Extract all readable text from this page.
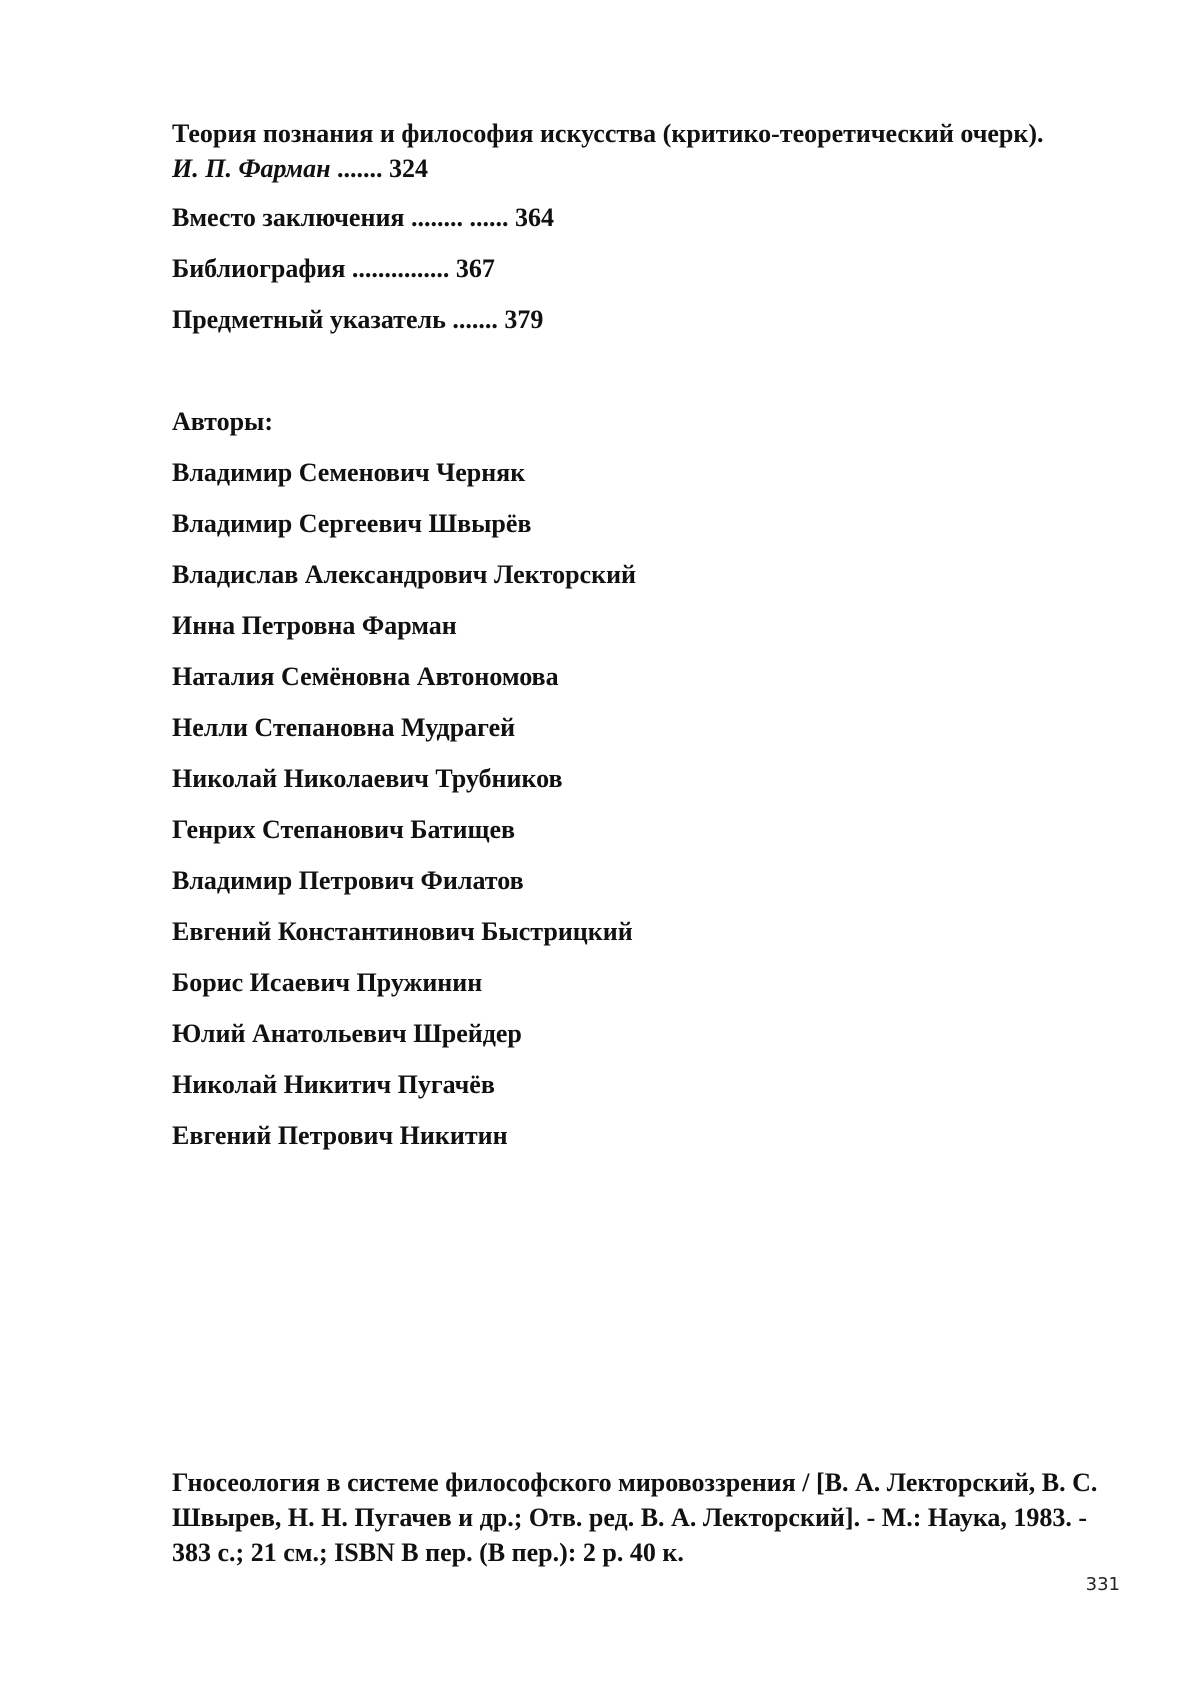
Теория познания и философия искусства (критико-теоретический очерк). И. П. Фарман ....... 324
Вместо заключения ........ ...... 364
Библиография ............... 367
Предметный указатель ....... 379
Авторы:
Владимир Семенович Черняк
Владимир Сергеевич Швырёв
Владислав Александрович Лекторский
Инна Петровна Фарман
Наталия Семёновна Автономова
Нелли Степановна Мудрагей
Николай Николаевич Трубников
Генрих Степанович Батищев
Владимир Петрович Филатов
Евгений Константинович Быстрицкий
Борис Исаевич Пружинин
Юлий Анатольевич Шрейдер
Николай Никитич Пугачёв
Евгений Петрович Никитин
Гносеология в системе философского мировоззрения / [В. А. Лекторский, В. С. Швырев, Н. Н. Пугачев и др.; Отв. ред. В. А. Лекторский]. - М.: Наука, 1983. - 383 с.; 21 см.; ISBN В пер. (В пер.): 2 р. 40 к.
331
